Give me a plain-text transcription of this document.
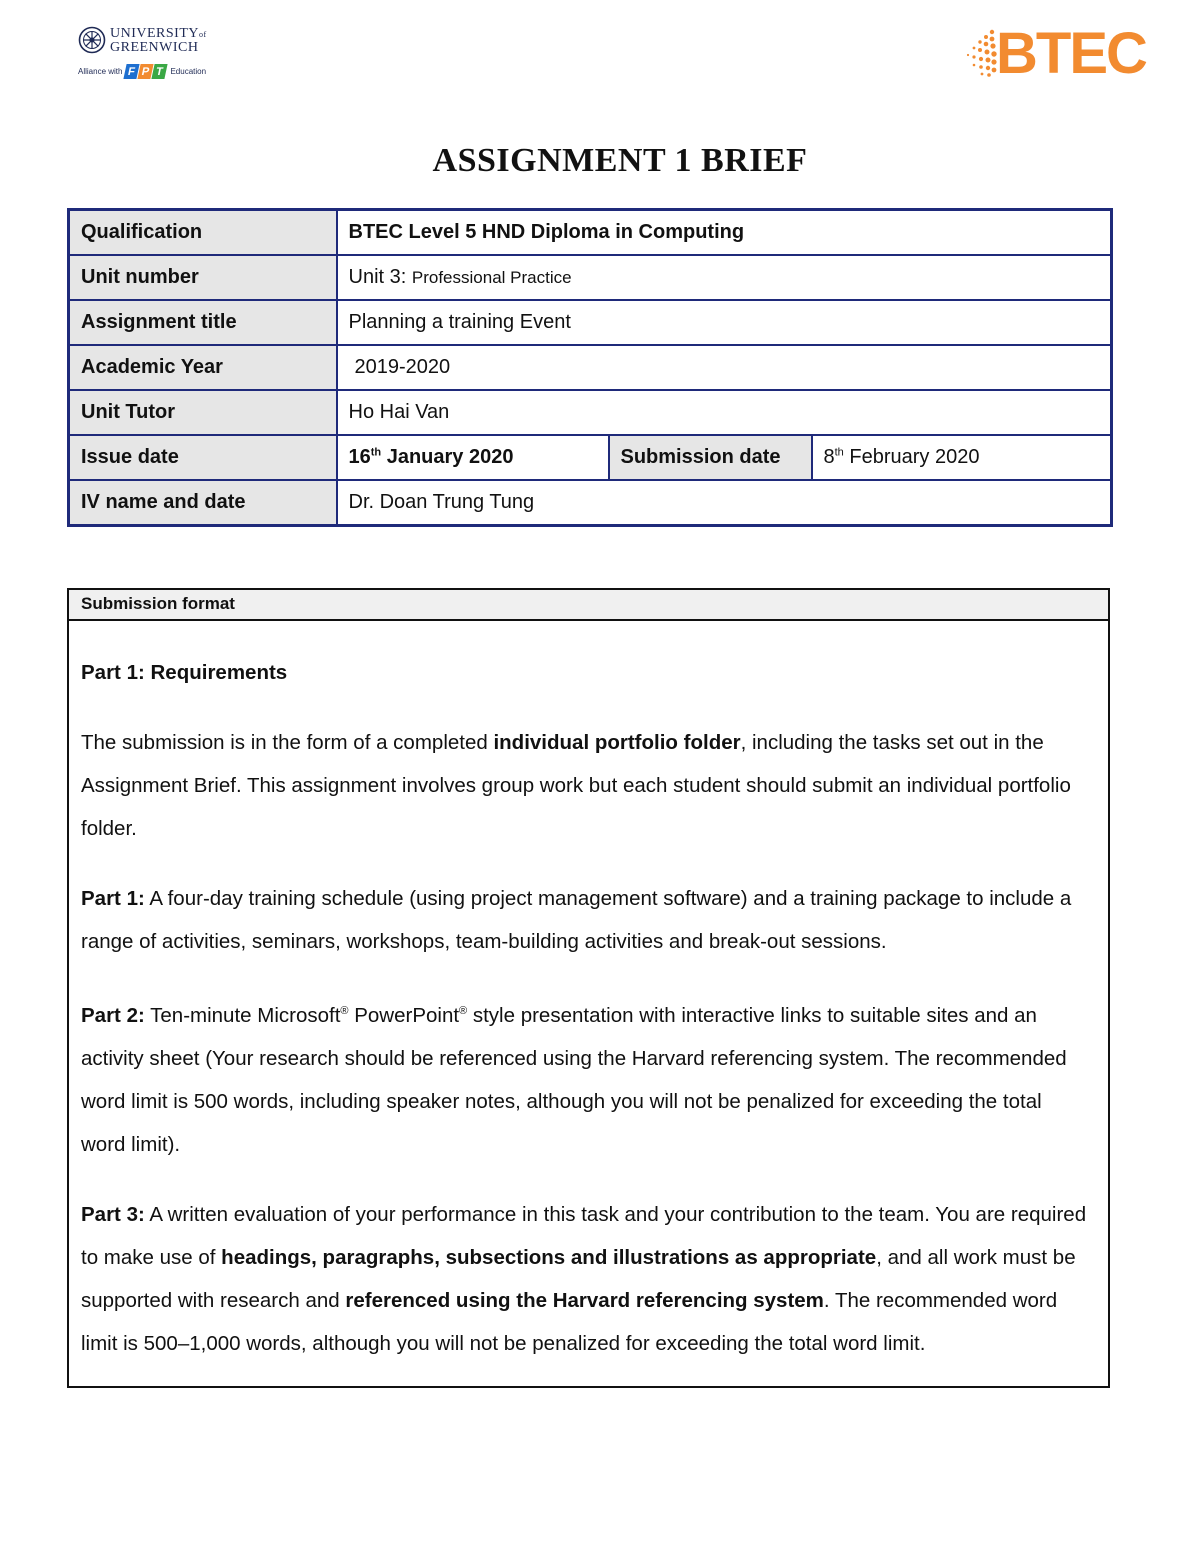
UNIVERSITYof
GREENWICH
Alliance with F P T Education	BTEC
ASSIGNMENT 1 BRIEF
Qualification	BTEC Level 5 HND Diploma in Computing		
Unit number	Unit 3: Professional Practice		
Assignment title	Planning a training Event		
Academic Year	2019-2020		
Unit Tutor	Ho Hai Van		
Issue date	16th January 2020	Submission date	8th February 2020
IV name and date	Dr. Doan Trung Tung		
Submission format

Part 1: Requirements

The submission is in the form of a completed individual portfolio folder, including the tasks set out in the Assignment Brief. This assignment involves group work but each student should submit an individual portfolio folder.

Part 1: A four-day training schedule (using project management software) and a training package to include a range of activities, seminars, workshops, team-building activities and break-out sessions.

Part 2: Ten-minute Microsoft® PowerPoint® style presentation with interactive links to suitable sites and an activity sheet (Your research should be referenced using the Harvard referencing system. The recommended word limit is 500 words, including speaker notes, although you will not be penalized for exceeding the total word limit).

Part 3: A written evaluation of your performance in this task and your contribution to the team. You are required to make use of headings, paragraphs, subsections and illustrations as appropriate, and all work must be supported with research and referenced using the Harvard referencing system. The recommended word limit is 500–1,000 words, although you will not be penalized for exceeding the total word limit.
